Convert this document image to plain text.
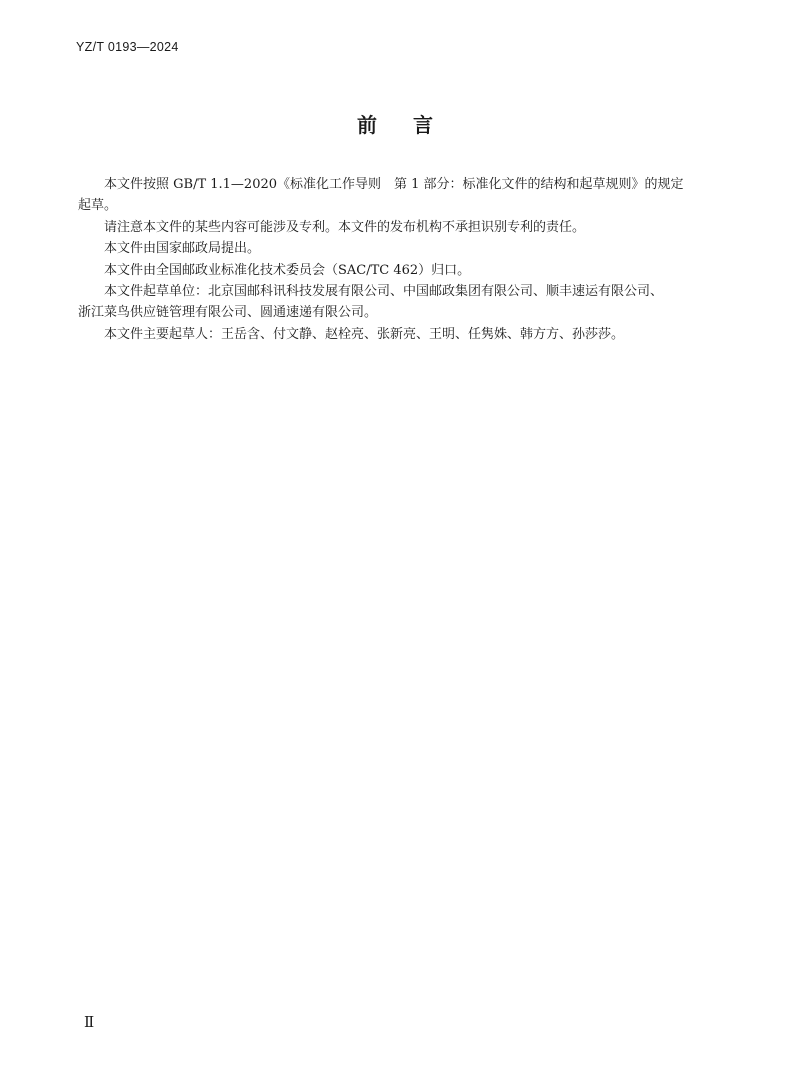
YZ/T 0193—2024
前 言
本文件按照 GB/T 1.1—2020《标准化工作导则　第 1 部分：标准化文件的结构和起草规则》的规定
起草。
请注意本文件的某些内容可能涉及专利。本文件的发布机构不承担识别专利的责任。
本文件由国家邮政局提出。
本文件由全国邮政业标准化技术委员会（SAC/TC 462）归口。
本文件起草单位：北京国邮科讯科技发展有限公司、中国邮政集团有限公司、顺丰速运有限公司、
浙江菜鸟供应链管理有限公司、圆通速递有限公司。
本文件主要起草人：王岳含、付文静、赵栓亮、张新亮、王明、任隽姝、韩方方、孙莎莎。
Ⅱ
